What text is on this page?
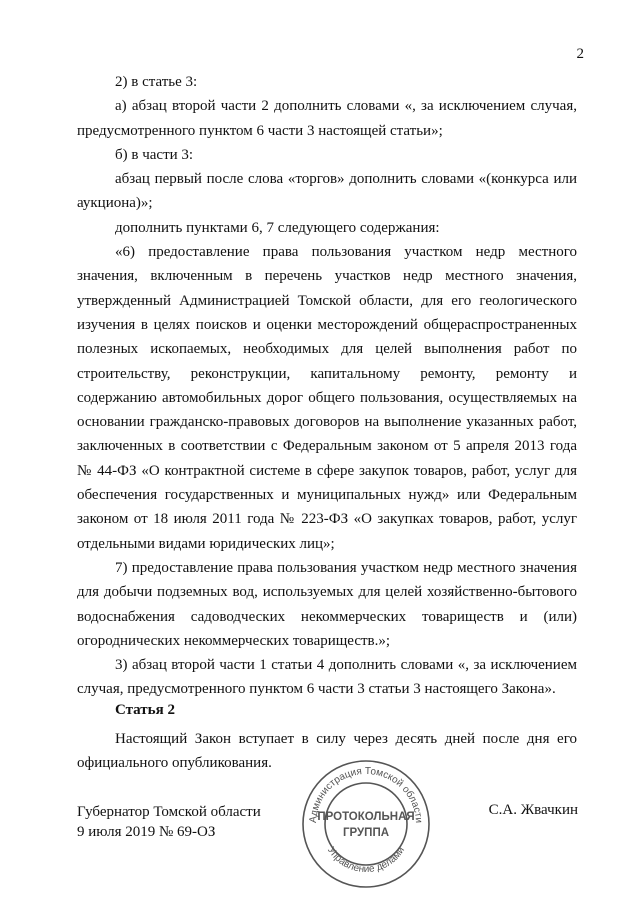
2

2) в статье 3:

а) абзац второй части 2 дополнить словами «, за исключением случая, предусмотренного пунктом 6 части 3 настоящей статьи»;

б) в части 3:

абзац первый после слова «торгов» дополнить словами «(конкурса или аукциона)»;

дополнить пунктами 6, 7 следующего содержания:

«6) предоставление права пользования участком недр местного значения, включенным в перечень участков недр местного значения, утвержденный Администрацией Томской области, для его геологического изучения в целях поисков и оценки месторождений общераспространенных полезных ископаемых, необходимых для целей выполнения работ по строительству, реконструкции, капитальному ремонту, ремонту и содержанию автомобильных дорог общего пользования, осуществляемых на основании гражданско-правовых договоров на выполнение указанных работ, заключенных в соответствии с Федеральным законом от 5 апреля 2013 года № 44-ФЗ «О контрактной системе в сфере закупок товаров, работ, услуг для обеспечения государственных и муниципальных нужд» или Федеральным законом от 18 июля 2011 года № 223-ФЗ «О закупках товаров, работ, услуг отдельными видами юридических лиц»;

7) предоставление права пользования участком недр местного значения для добычи подземных вод, используемых для целей хозяйственно-бытового водоснабжения садоводческих некоммерческих товариществ и (или) огороднических некоммерческих товариществ.»;

3) абзац второй части 1 статьи 4 дополнить словами «, за исключением случая, предусмотренного пунктом 6 части 3 статьи 3 настоящего Закона».

Статья 2

Настоящий Закон вступает в силу через десять дней после дня его официального опубликования.

Губернатор Томской области
9 июля 2019 № 69-ОЗ
С.А. Жвачкин
Администрация Томской области
ПРОТОКОЛЬНАЯ
ГРУППА
Управление делами
